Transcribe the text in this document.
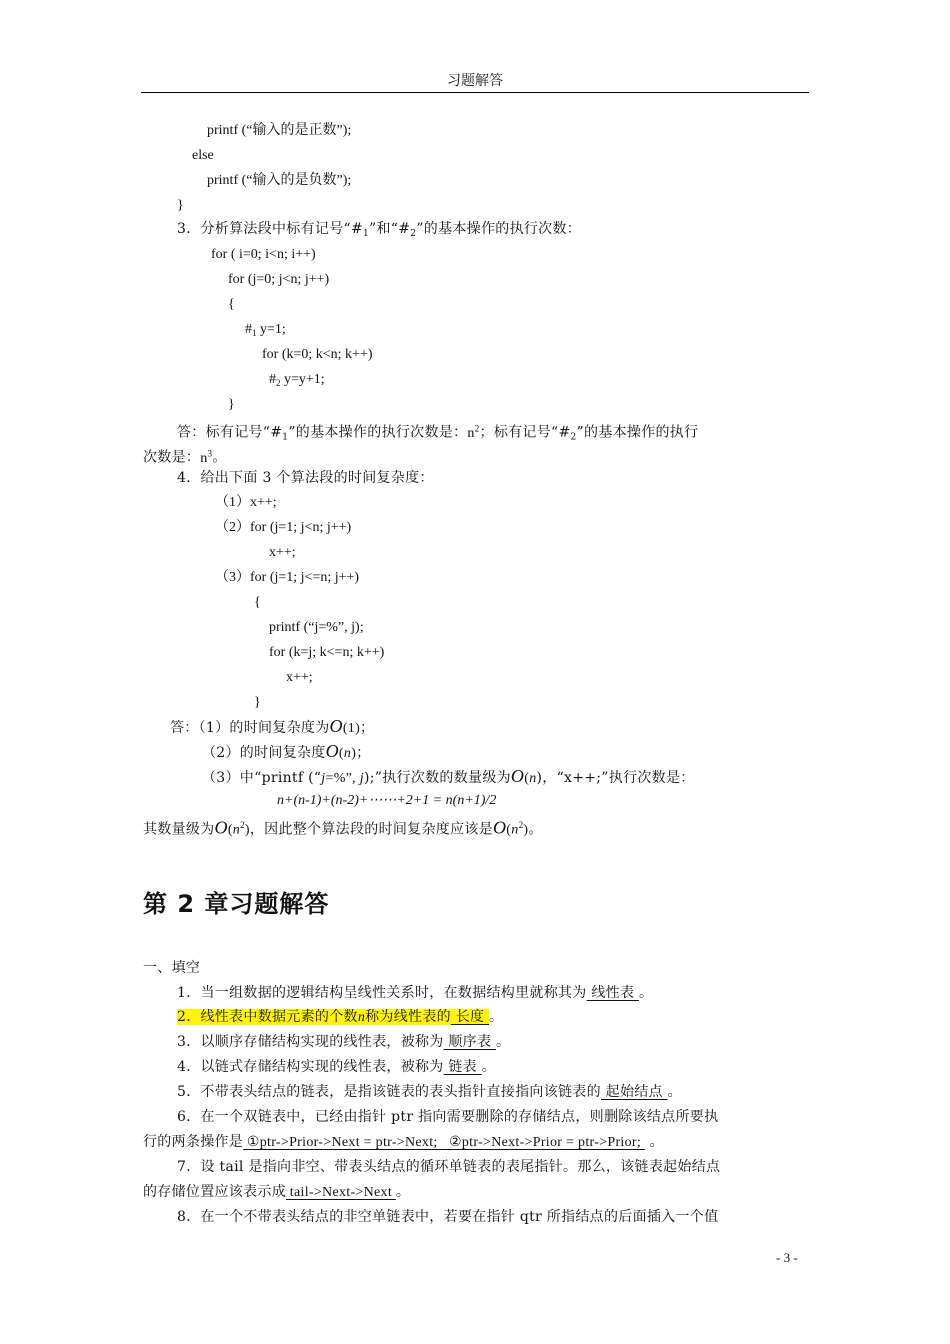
习题解答
printf (“输入的是正数”);
else
printf (“输入的是负数”);
}
3．分析算法段中标有记号“$\#_1$”和“$\#_2$”的基本操作的执行次数：
for ( i=0; i<n; i++)
for (j=0; j<n; j++)
{
$\#_1$ y=1;
for (k=0; k<n; k++)
$\#_2$ y=y+1;
}
答：标有记号“$\#_1$”的基本操作的执行次数是：$n^2$；标有记号“$\#_2$”的基本操作的执行
次数是：$n^3$。
4．给出下面 3 个算法段的时间复杂度：
（1）x++;
（2）for (j=1; j<n; j++)
x++;
（3）for (j=1; j<=n; j++)
{
printf (“j=%”, j);
for (k=j; k<=n; k++)
x++;
}
答：（1）的时间复杂度为O(1)；
（2）的时间复杂度O(n)；
（3）中“printf (“j=%”, j);”执行次数的数量级为O(n)，“x++;”执行次数是：
n+(n-1)+(n-2)+⋯⋯+2+1 = n(n+1)/2
其数量级为$O(n^2)$，因此整个算法段的时间复杂度应该是$O(n^2)$。
第 2 章习题解答
一、填空
1．当一组数据的逻辑结构呈线性关系时，在数据结构里就称其为 线性表 。
2．线性表中数据元素的个数n称为线性表的 长度 。
3．以顺序存储结构实现的线性表，被称为 顺序表 。
4．以链式存储结构实现的线性表，被称为 链表 。
5．不带表头结点的链表，是指该链表的表头指针直接指向该链表的 起始结点 。
6．在一个双链表中，已经由指针 ptr 指向需要删除的存储结点，则删除该结点所要执
行的两条操作是 ①ptr->Prior->Next = ptr->Next;   ②ptr->Next->Prior = ptr->Prior;  。
7．设 tail 是指向非空、带表头结点的循环单链表的表尾指针。那么，该链表起始结点
的存储位置应该表示成 tail->Next->Next 。
8．在一个不带表头结点的非空单链表中，若要在指针 qtr 所指结点的后面插入一个值
- 3 -
